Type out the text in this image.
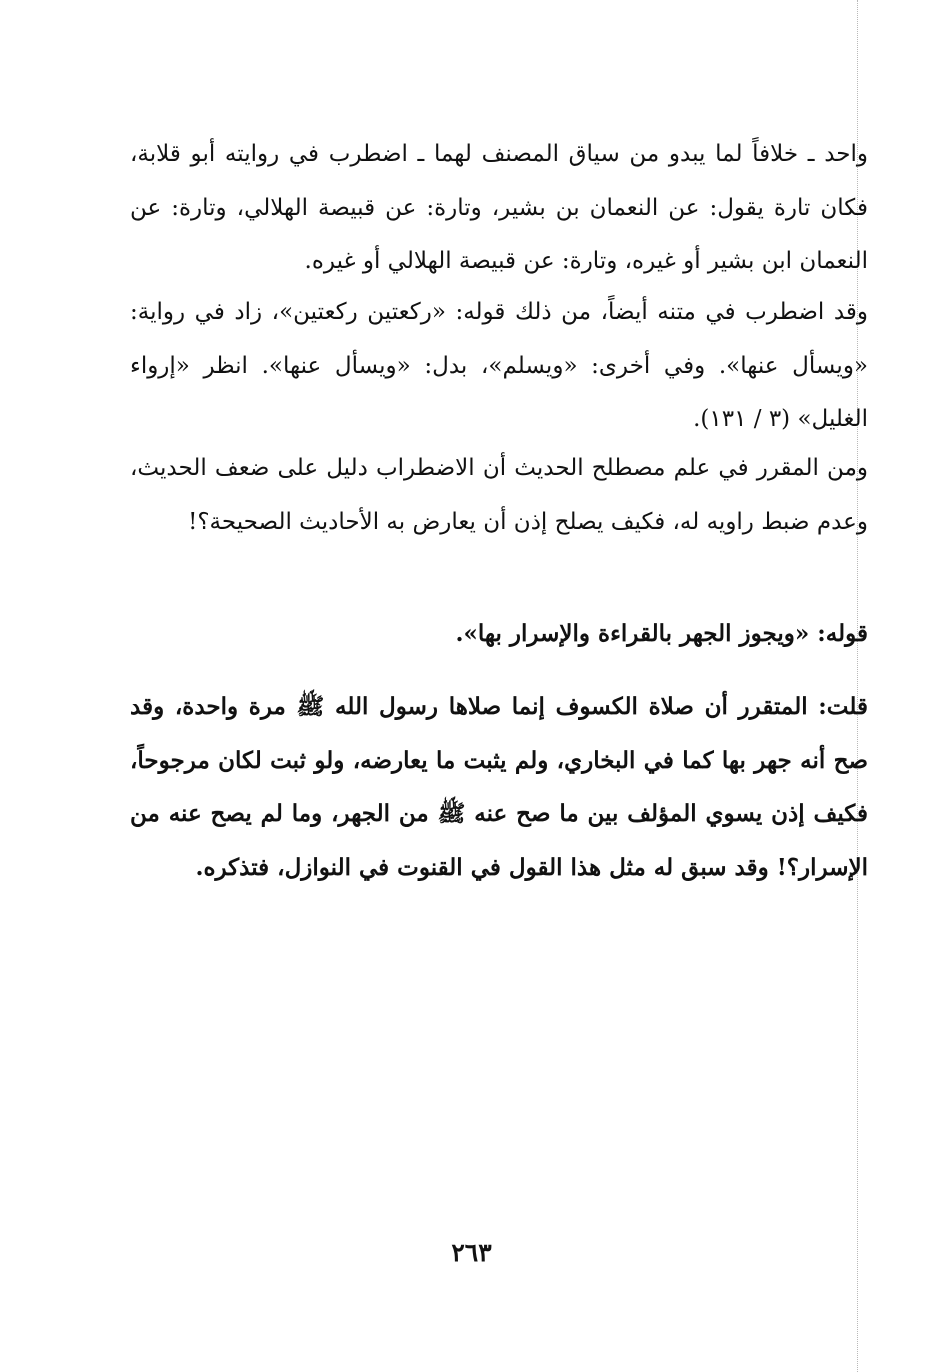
واحد ـ خلافاً لما يبدو من سياق المصنف لهما ـ اضطرب في روايته أبو قلابة، فكان تارة يقول: عن النعمان بن بشير، وتارة: عن قبيصة الهلالي، وتارة: عن النعمان ابن بشير أو غيره، وتارة: عن قبيصة الهلالي أو غيره.

وقد اضطرب في متنه أيضاً، من ذلك قوله: «ركعتين ركعتين»، زاد في رواية: «ويسأل عنها». وفي أخرى: «ويسلم»، بدل: «ويسأل عنها». انظر «إرواء الغليل» (٣ / ١٣١).

ومن المقرر في علم مصطلح الحديث أن الاضطراب دليل على ضعف الحديث، وعدم ضبط راويه له، فكيف يصلح إذن أن يعارض به الأحاديث الصحيحة؟!

قوله: «ويجوز الجهر بالقراءة والإسرار بها».

قلت: المتقرر أن صلاة الكسوف إنما صلاها رسول الله ﷺ مرة واحدة، وقد صح أنه جهر بها كما في البخاري، ولم يثبت ما يعارضه، ولو ثبت لكان مرجوحاً، فكيف إذن يسوي المؤلف بين ما صح عنه ﷺ من الجهر، وما لم يصح عنه من الإسرار؟! وقد سبق له مثل هذا القول في القنوت في النوازل، فتذكره.

٢٦٣
